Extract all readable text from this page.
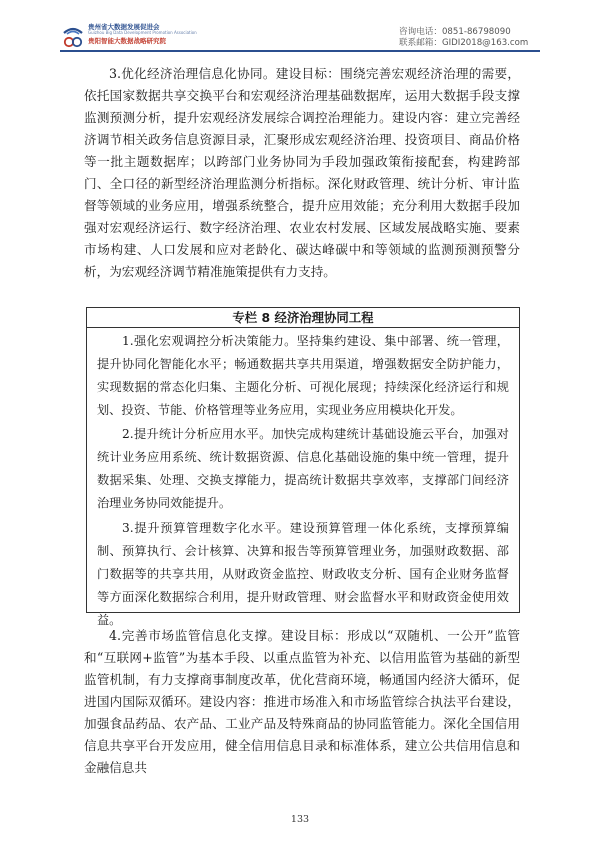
贵州省大数据发展促进会
Guizhou Big Data Development Promotion Association
贵阳智能大数据战略研究院
咨询电话：0851-86798090
联系邮箱：GIDI2018@163.com

3.优化经济治理信息化协同。建设目标：围绕完善宏观经济治理的需要，依托国家数据共享交换平台和宏观经济治理基础数据库，运用大数据手段支撑监测预测分析，提升宏观经济发展综合调控治理能力。建设内容：建立完善经济调节相关政务信息资源目录，汇聚形成宏观经济治理、投资项目、商品价格等一批主题数据库；以跨部门业务协同为手段加强政策衔接配套，构建跨部门、全口径的新型经济治理监测分析指标。深化财政管理、统计分析、审计监督等领域的业务应用，增强系统整合，提升应用效能；充分利用大数据手段加强对宏观经济运行、数字经济治理、农业农村发展、区域发展战略实施、要素市场构建、人口发展和应对老龄化、碳达峰碳中和等领域的监测预测预警分析，为宏观经济调节精准施策提供有力支持。

专栏 8 经济治理协同工程

1.强化宏观调控分析决策能力。坚持集约建设、集中部署、统一管理，提升协同化智能化水平；畅通数据共享共用渠道，增强数据安全防护能力，实现数据的常态化归集、主题化分析、可视化展现；持续深化经济运行和规划、投资、节能、价格管理等业务应用，实现业务应用模块化开发。

2.提升统计分析应用水平。加快完成构建统计基础设施云平台，加强对统计业务应用系统、统计数据资源、信息化基础设施的集中统一管理，提升数据采集、处理、交换支撑能力，提高统计数据共享效率，支撑部门间经济治理业务协同效能提升。

3.提升预算管理数字化水平。建设预算管理一体化系统，支撑预算编制、预算执行、会计核算、决算和报告等预算管理业务，加强财政数据、部门数据等的共享共用，从财政资金监控、财政收支分析、国有企业财务监督等方面深化数据综合利用，提升财政管理、财会监督水平和财政资金使用效益。

4.完善市场监管信息化支撑。建设目标：形成以“双随机、一公开”监管和“互联网+监管”为基本手段、以重点监管为补充、以信用监管为基础的新型监管机制，有力支撑商事制度改革，优化营商环境，畅通国内经济大循环，促进国内国际双循环。建设内容：推进市场准入和市场监管综合执法平台建设，加强食品药品、农产品、工业产品及特殊商品的协同监管能力。深化全国信用信息共享平台开发应用，健全信用信息目录和标准体系，建立公共信用信息和金融信息共

133
